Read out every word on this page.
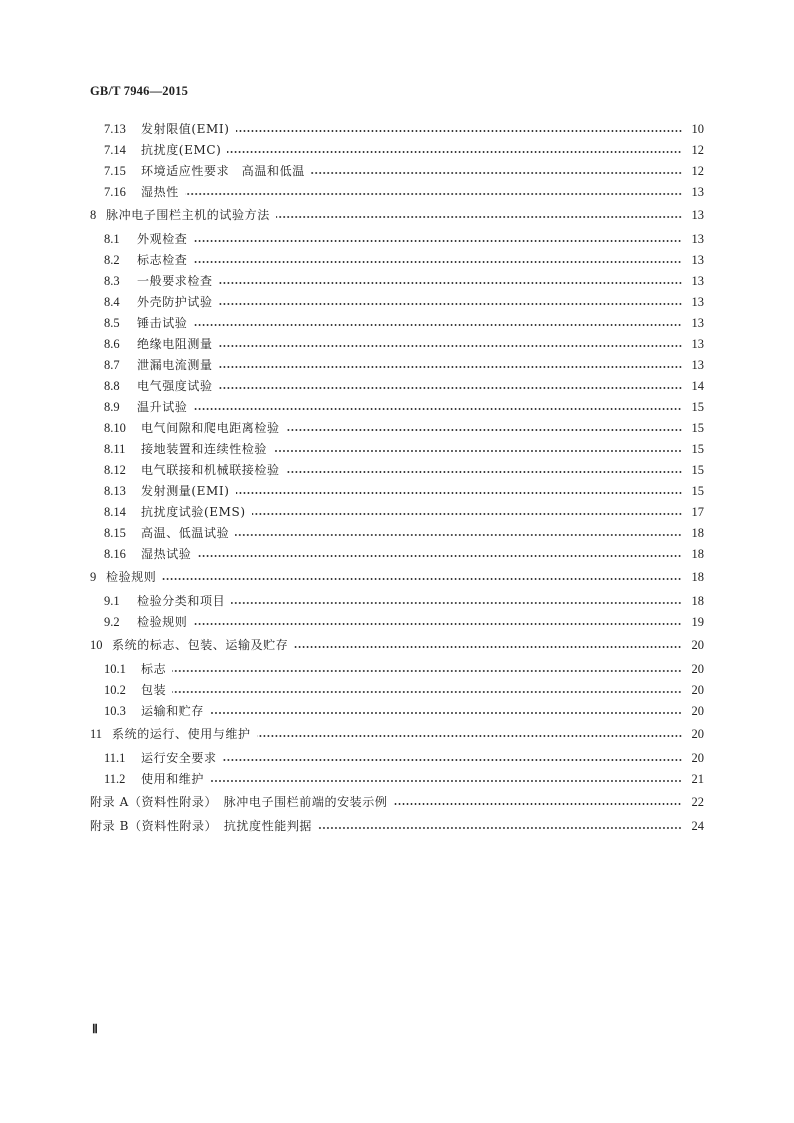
GB/T 7946—2015
7.13	发射限值(EMI)	10
7.14	抗扰度(EMC)	12
7.15	环境适应性要求　高温和低温	12
7.16	湿热性	13
8 脉冲电子围栏主机的试验方法	13
8.1	外观检查	13
8.2	标志检查	13
8.3	一般要求检查	13
8.4	外壳防护试验	13
8.5	锤击试验	13
8.6	绝缘电阻测量	13
8.7	泄漏电流测量	13
8.8	电气强度试验	14
8.9	温升试验	15
8.10	电气间隙和爬电距离检验	15
8.11	接地装置和连续性检验	15
8.12	电气联接和机械联接检验	15
8.13	发射测量(EMI)	15
8.14	抗扰度试验(EMS)	17
8.15	高温、低温试验	18
8.16	湿热试验	18
9 检验规则	18
9.1	检验分类和项目	18
9.2	检验规则	19
10 系统的标志、包装、运输及贮存	20
10.1	标志	20
10.2	包装	20
10.3	运输和贮存	20
11 系统的运行、使用与维护	20
11.1	运行安全要求	20
11.2	使用和维护	21
附录 A（资料性附录）　脉冲电子围栏前端的安装示例	22
附录 B（资料性附录）　抗扰度性能判据	24
Ⅱ
